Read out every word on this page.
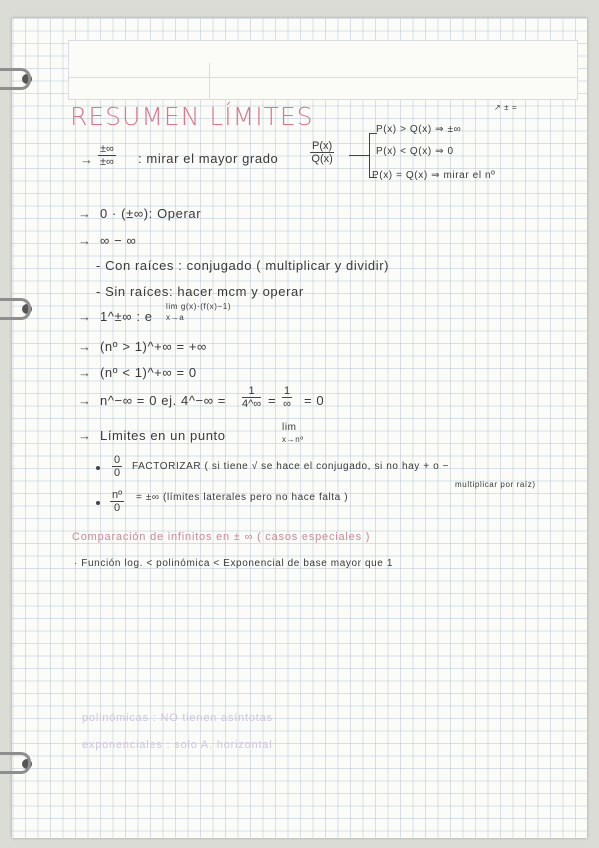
RESUMEN LÍMITES
→
±∞
±∞ : mirar el mayor grado	$\frac{P(x)}{Q(x)}$
P(x) > Q(x) ⇒ ±∞
P(x) < Q(x) ⇒ 0
P(x) = Q(x) ⇒ mirar el nº
↗ ± =
→ 0 · (±∞): Operar
→ ∞ − ∞
- Con raíces : conjugado ( multiplicar y dividir)
- Sin raíces: hacer mcm y operar
→ 1^±∞ : e
lim g(x)·(f(x)−1)
x→a
→ (nº > 1)^+∞ = +∞
→ (nº < 1)^+∞ = 0
→ n^−∞ = 0 ej. 4^−∞ = $\frac{1}{4\^{}\infty}$ =
1
∞ = 0
→ Límites en un punto
lim
x→nº
$\frac{0}{0}$ FACTORIZAR ( si tiene √ se hace el conjugado, si no hay + o −
multiplicar por raíz)
$\frac{\text{nº}}{0}$ = ±∞ (límites laterales pero no hace falta )
Comparación de infinitos en ± ∞ ( casos especiales )
· Función log. < polinómica < Exponencial de base mayor que 1
polinómicas : NO tienen asíntotas
exponenciales : solo A. horizontal
